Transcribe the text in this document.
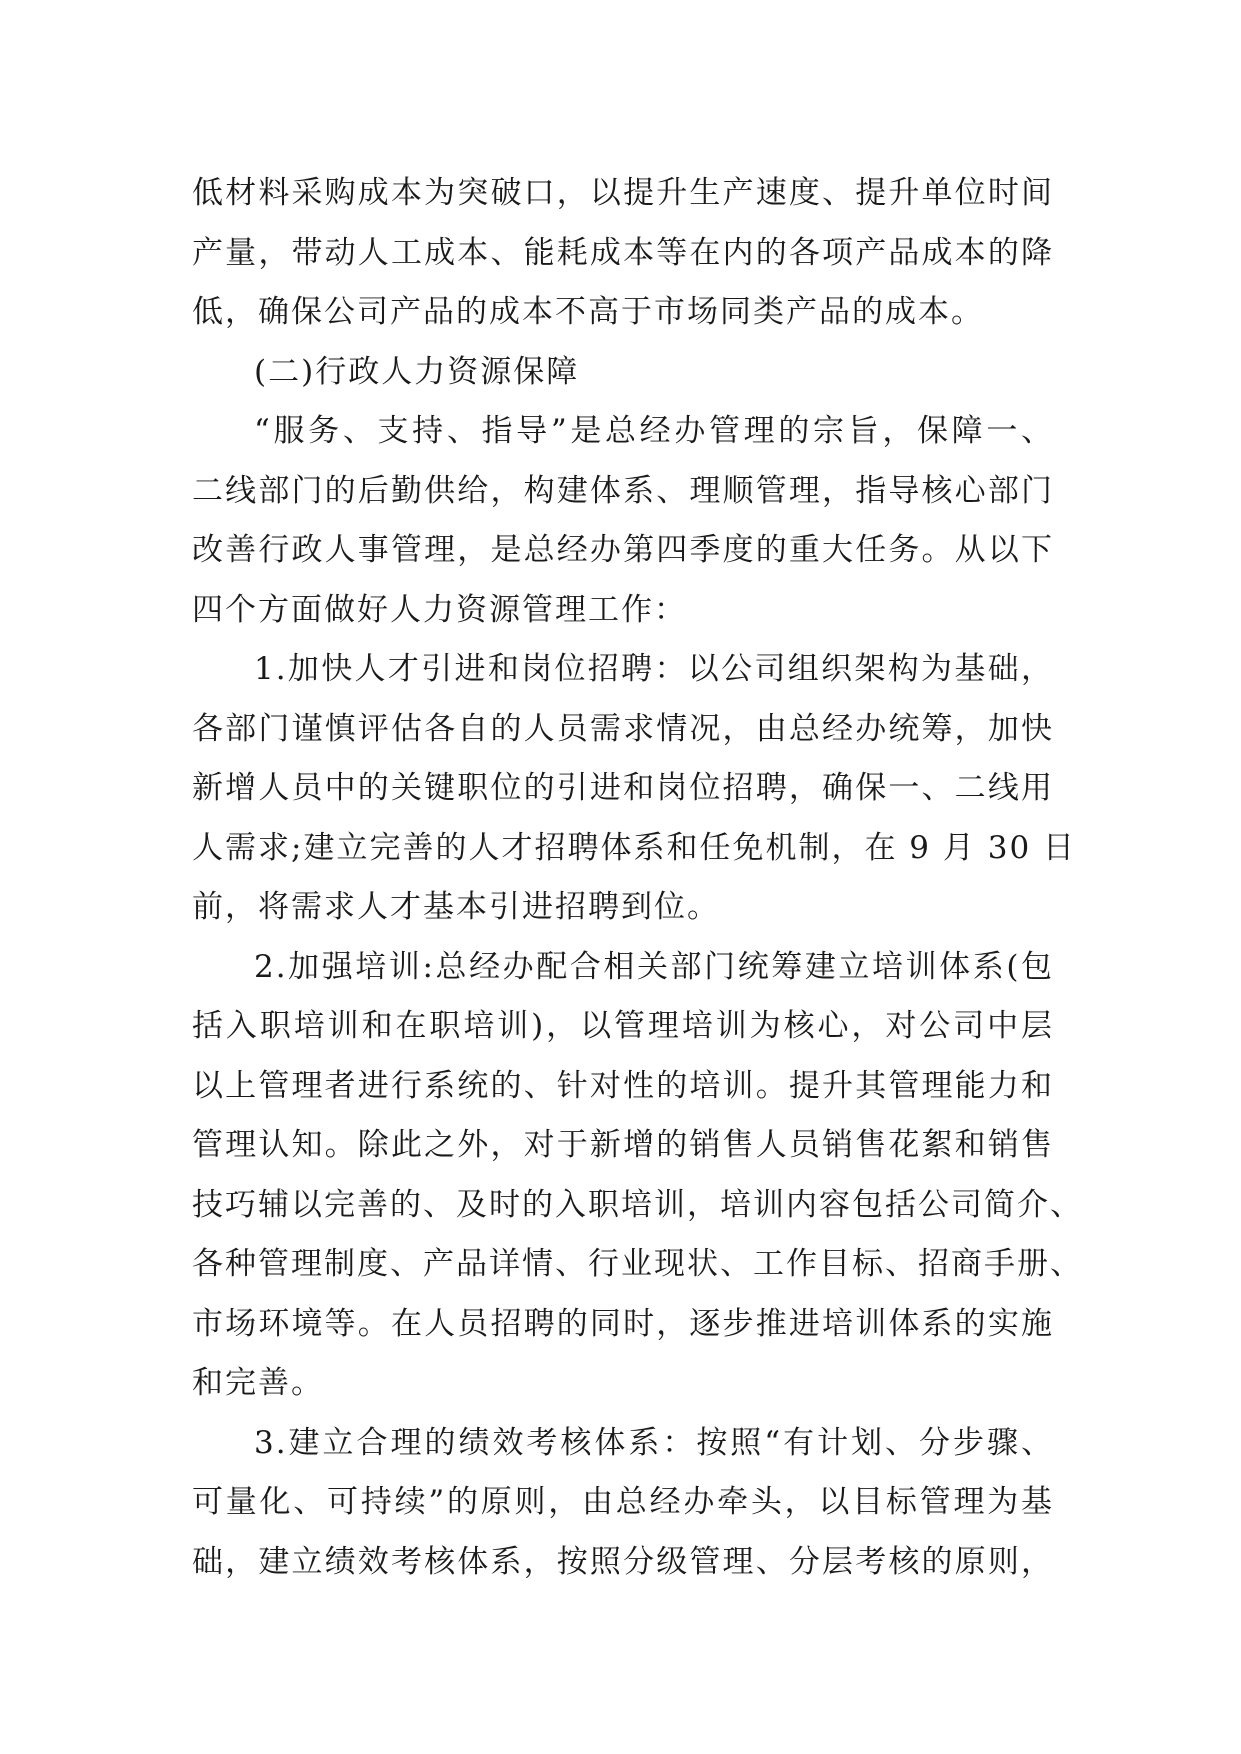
低材料采购成本为突破口，以提升生产速度、提升单位时间
产量，带动人工成本、能耗成本等在内的各项产品成本的降
低，确保公司产品的成本不高于市场同类产品的成本。
(二)行政人力资源保障
“服务、支持、指导”是总经办管理的宗旨，保障一、
二线部门的后勤供给，构建体系、理顺管理，指导核心部门
改善行政人事管理，是总经办第四季度的重大任务。从以下
四个方面做好人力资源管理工作：
1.加快人才引进和岗位招聘：以公司组织架构为基础，
各部门谨慎评估各自的人员需求情况，由总经办统筹，加快
新增人员中的关键职位的引进和岗位招聘，确保一、二线用
人需求;建立完善的人才招聘体系和任免机制，在 9 月 30 日
前，将需求人才基本引进招聘到位。
2.加强培训:总经办配合相关部门统筹建立培训体系(包
括入职培训和在职培训)，以管理培训为核心，对公司中层
以上管理者进行系统的、针对性的培训。提升其管理能力和
管理认知。除此之外，对于新增的销售人员销售花絮和销售
技巧辅以完善的、及时的入职培训，培训内容包括公司简介、
各种管理制度、产品详情、行业现状、工作目标、招商手册、
市场环境等。在人员招聘的同时，逐步推进培训体系的实施
和完善。
3.建立合理的绩效考核体系：按照“有计划、分步骤、
可量化、可持续”的原则，由总经办牵头，以目标管理为基
础，建立绩效考核体系，按照分级管理、分层考核的原则，
